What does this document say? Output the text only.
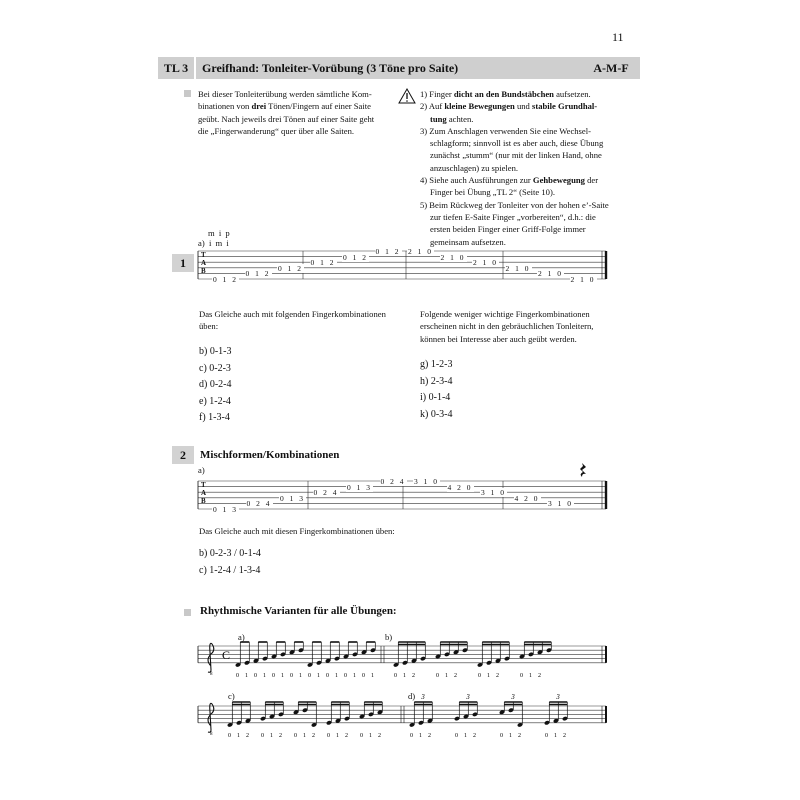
11
TL 3	Greifhand: Tonleiter-Vorübung (3 Töne pro Saite)	A-M-F
Bei dieser Tonleiterübung werden sämtliche Kom-
binationen von drei Tönen/Fingern auf einer Saite
geübt. Nach jeweils drei Tönen auf einer Saite geht
die „Fingerwanderung“ quer über alle Saiten.
1) Finger dicht an den Bundstäbchen aufsetzen.
2) Auf kleine Bewegungen und stabile Grundhal-
tung achten.
3) Zum Anschlagen verwenden Sie eine Wechsel-
schlagform; sinnvoll ist es aber auch, diese Übung
zunächst „stumm“ (nur mit der linken Hand, ohne
anzuschlagen) zu spielen.
4) Siehe auch Ausführungen zur Gehbewegung der
Finger bei Übung „TL 2“ (Seite 10).
5) Beim Rückweg der Tonleiter von der hohen e’-Saite
zur tiefen E-Saite Finger „vorbereiten“, d.h.: die
ersten beiden Finger einer Griff-Folge immer
gemeinsam aufsetzen.
1
m i p
a) i m i
T
A
B
0 1 2
0 1 2
0 1 2
0 1 2
0 1 2
0 1 2 2 1 0
2 1 0
2 1 0
2 1 0
2 1 0
2 1 0
Das Gleiche auch mit folgenden Fingerkombinationen
üben:
Folgende weniger wichtige Fingerkombinationen
erscheinen nicht in den gebräuchlichen Tonleitern,
können bei Interesse aber auch geübt werden.
b) 0-1-3
c) 0-2-3
d) 0-2-4
e) 1-2-4
f) 1-3-4
g) 1-2-3
h) 2-3-4
i) 0-1-4
k) 0-3-4
2	Mischformen/Kombinationen
a)
T
A
B
0 1 3
0 2 4
0 1 3
0 2 4
0 1 3
0 2 4 3 1 0
4 2 0
3 1 0
4 2 0
3 1 0
Das Gleiche auch mit diesen Fingerkombinationen üben:
b) 0-2-3 / 0-1-4
c) 1-2-4 / 1-3-4
Rhythmische Varianten für alle Übungen:
a)	b)
c)	d)
8
C
0 1 0 1 0 1 0 1 0 1 0 1 0 1 0 1	0 1 2	0 1 2	0 1 2	0 1 2
8	0 1 2 0 1 2 0 1 2 0 1 2 0 1 2	0 1 2
3
0 1 2
3
0 1 2
3
0 1 2
3
